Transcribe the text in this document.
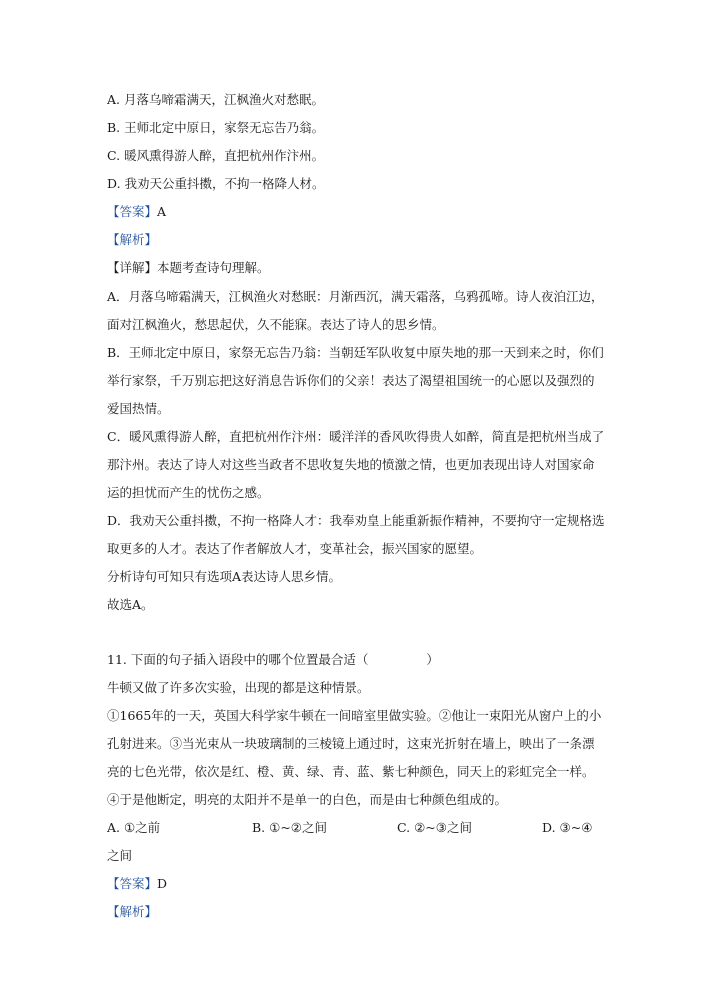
A. 月落乌啼霜满天，江枫渔火对愁眠。
B. 王师北定中原日，家祭无忘告乃翁。
C. 暖风熏得游人醉，直把杭州作汴州。
D. 我劝天公重抖擞，不拘一格降人材。
【答案】A
【解析】
【详解】本题考查诗句理解。
A．月落乌啼霜满天，江枫渔火对愁眠：月渐西沉，满天霜落，乌鸦孤啼。诗人夜泊江边，
面对江枫渔火，愁思起伏，久不能寐。表达了诗人的思乡情。
B．王师北定中原日，家祭无忘告乃翁：当朝廷军队收复中原失地的那一天到来之时，你们
举行家祭，千万别忘把这好消息告诉你们的父亲！表达了渴望祖国统一的心愿以及强烈的
爱国热情。
C．暖风熏得游人醉，直把杭州作汴州：暖洋洋的香风吹得贵人如醉，简直是把杭州当成了
那汴州。表达了诗人对这些当政者不思收复失地的愤激之情，也更加表现出诗人对国家命
运的担忧而产生的忧伤之感。
D．我劝天公重抖擞，不拘一格降人才：我奉劝皇上能重新振作精神，不要拘守一定规格选
取更多的人才。表达了作者解放人才，变革社会，振兴国家的愿望。
分析诗句可知只有选项A表达诗人思乡情。
故选A。
11. 下面的句子插入语段中的哪个位置最合适（	）
牛顿又做了许多次实验，出现的都是这种情景。
①1665年的一天，英国大科学家牛顿在一间暗室里做实验。②他让一束阳光从窗户上的小
孔射进来。③当光束从一块玻璃制的三棱镜上通过时，这束光折射在墙上，映出了一条漂
亮的七色光带，依次是红、橙、黄、绿、青、蓝、紫七种颜色，同天上的彩虹完全一样。
④于是他断定，明亮的太阳并不是单一的白色，而是由七种颜色组成的。
A. ①之前	B. ①~②之间	C. ②~③之间	D. ③~④
之间
【答案】D
【解析】
